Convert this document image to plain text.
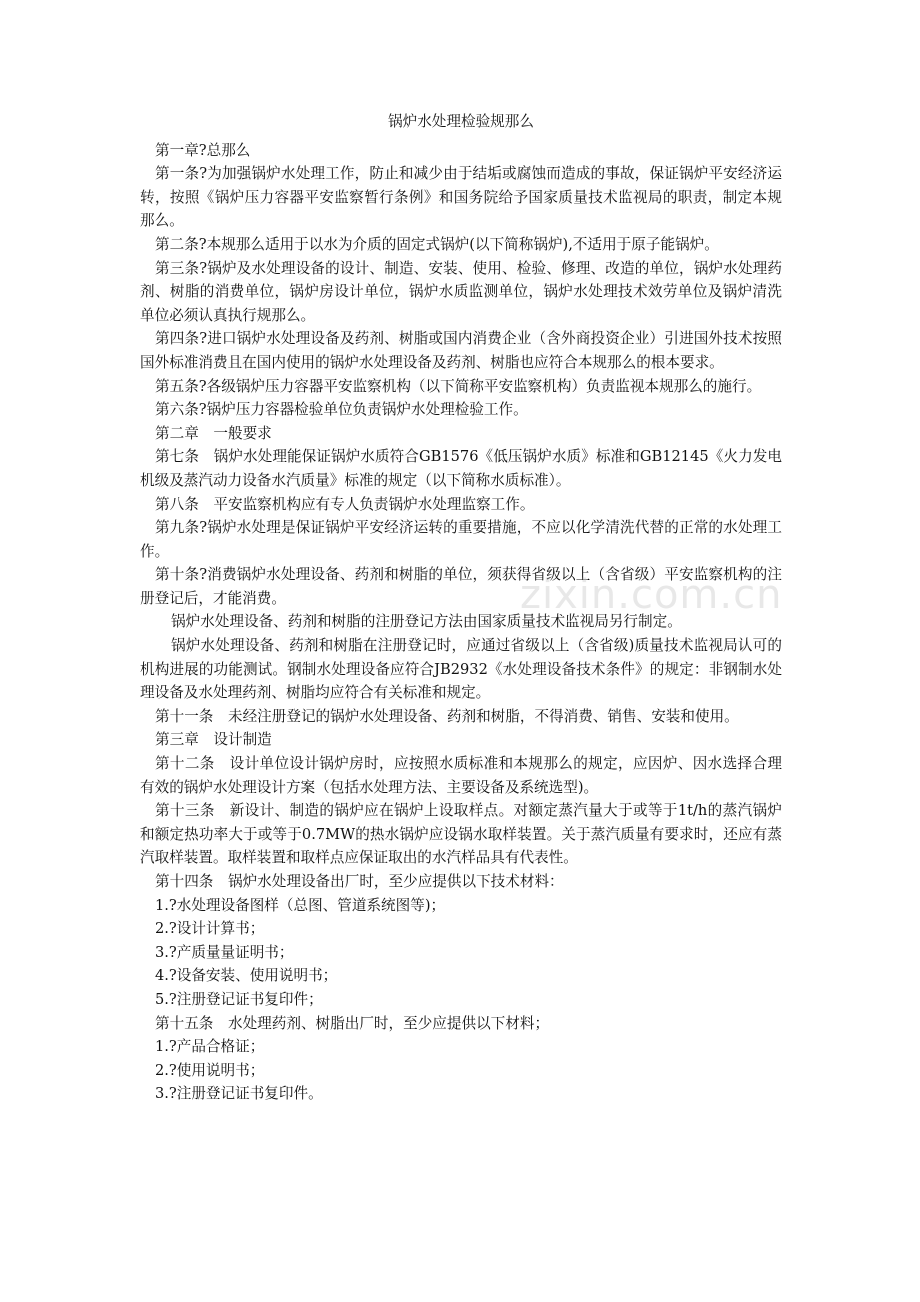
锅炉水处理检验规那么

第一章?总那么

第一条?为加强锅炉水处理工作，防止和减少由于结垢或腐蚀而造成的事故，保证锅炉平安经济运转，按照《锅炉压力容器平安监察暂行条例》和国务院给予国家质量技术监视局的职责，制定本规那么。

第二条?本规那么适用于以水为介质的固定式锅炉(以下简称锅炉),不适用于原子能锅炉。

第三条?锅炉及水处理设备的设计、制造、安装、使用、检验、修理、改造的单位，锅炉水处理药剂、树脂的消费单位，锅炉房设计单位，锅炉水质监测单位，锅炉水处理技术效劳单位及锅炉清洗单位必须认真执行规那么。

第四条?进口锅炉水处理设备及药剂、树脂或国内消费企业（含外商投资企业）引进国外技术按照国外标准消费且在国内使用的锅炉水处理设备及药剂、树脂也应符合本规那么的根本要求。

第五条?各级锅炉压力容器平安监察机构（以下简称平安监察机构）负责监视本规那么的施行。

第六条?锅炉压力容器检验单位负责锅炉水处理检验工作。

第二章　一般要求

第七条　锅炉水处理能保证锅炉水质符合GB1576《低压锅炉水质》标准和GB12145《火力发电机级及蒸汽动力设备水汽质量》标准的规定（以下简称水质标准）。

第八条　平安监察机构应有专人负责锅炉水处理监察工作。

第九条?锅炉水处理是保证锅炉平安经济运转的重要措施，不应以化学清洗代替的正常的水处理工作。

第十条?消费锅炉水处理设备、药剂和树脂的单位，须获得省级以上（含省级）平安监察机构的注册登记后，才能消费。

锅炉水处理设备、药剂和树脂的注册登记方法由国家质量技术监视局另行制定。

锅炉水处理设备、药剂和树脂在注册登记时，应通过省级以上（含省级)质量技术监视局认可的机构进展的功能测试。钢制水处理设备应符合JB2932《水处理设备技术条件》的规定：非钢制水处理设备及水处理药剂、树脂均应符合有关标准和规定。

第十一条　未经注册登记的锅炉水处理设备、药剂和树脂，不得消费、销售、安装和使用。

第三章　设计制造

第十二条　设计单位设计锅炉房时，应按照水质标准和本规那么的规定，应因炉、因水选择合理有效的锅炉水处理设计方案（包括水处理方法、主要设备及系统选型)。

第十三条　新设计、制造的锅炉应在锅炉上设取样点。对额定蒸汽量大于或等于1t/h的蒸汽锅炉和额定热功率大于或等于0.7MW的热水锅炉应设锅水取样装置。关于蒸汽质量有要求时，还应有蒸汽取样装置。取样装置和取样点应保证取出的水汽样品具有代表性。

第十四条　锅炉水处理设备出厂时，至少应提供以下技术材料：

1.?水处理设备图样（总图、管道系统图等)；

2.?设计计算书；

3.?产质量量证明书；

4.?设备安装、使用说明书；

5.?注册登记证书复印件；

第十五条　水处理药剂、树脂出厂时，至少应提供以下材料；

1.?产品合格证；

2.?使用说明书；

3.?注册登记证书复印件。

zixin.com.cn
